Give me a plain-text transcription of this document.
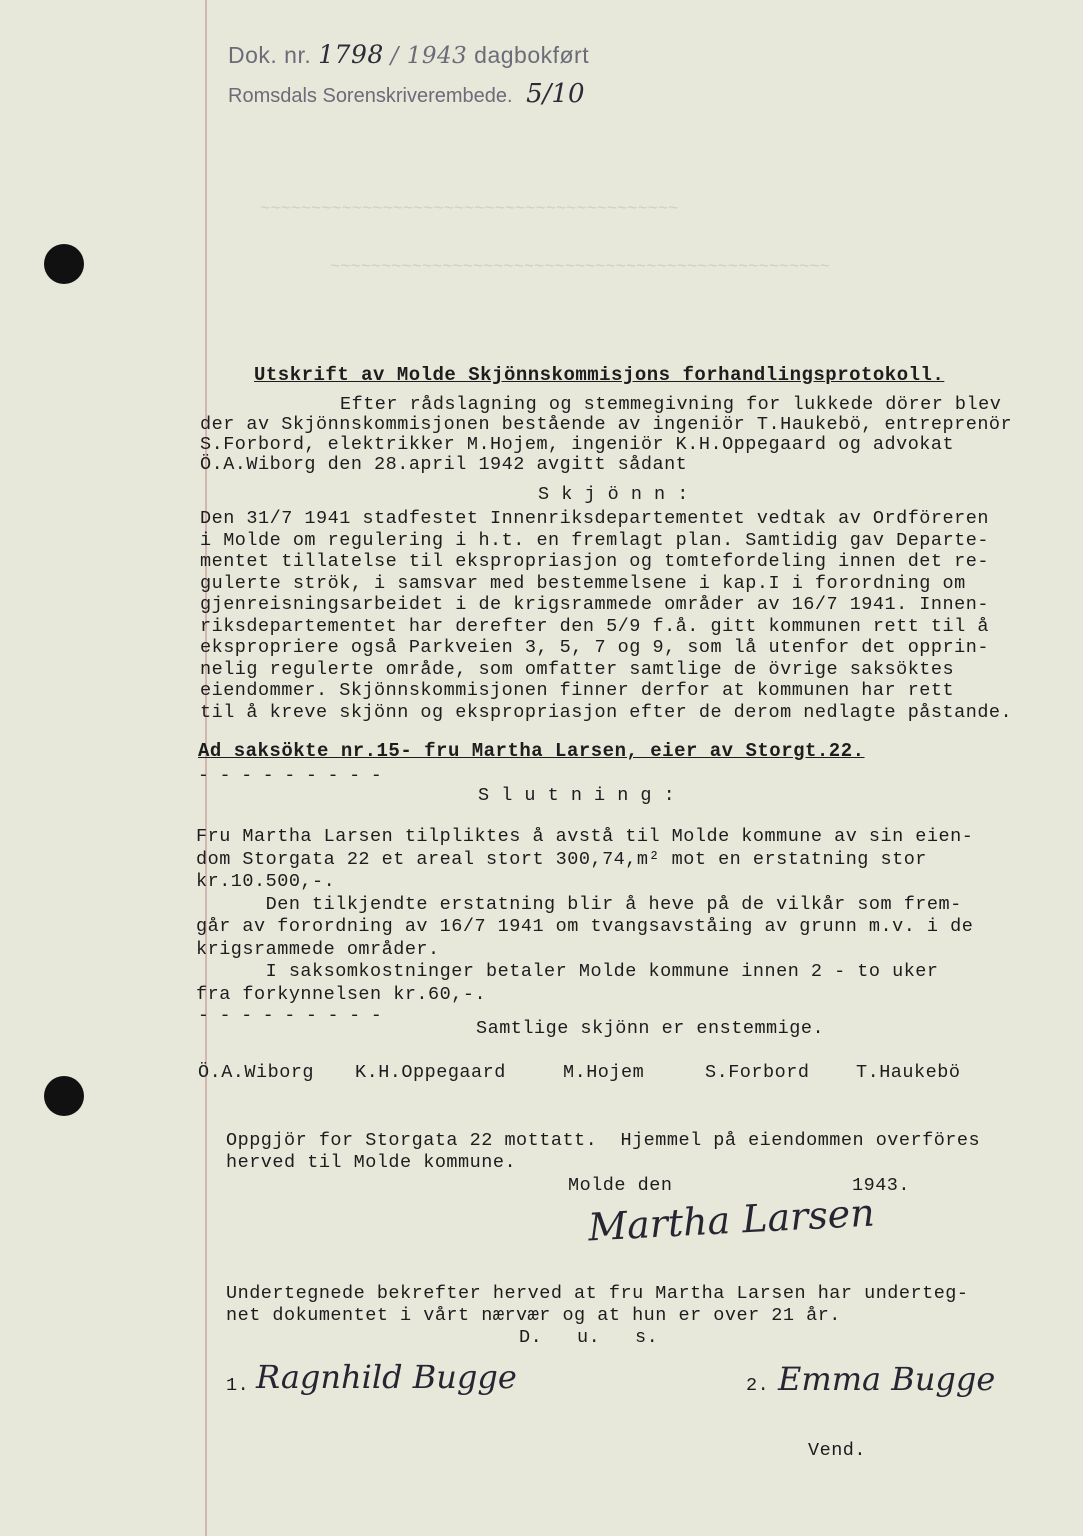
~~~~~~~~~~~~~~~~~~~~~~~~~~~~~~~~~~~~~~~~~
~~~~~~~~~~~~~~~~~~~~~~~~~~~~~~~~~~~~~~~~~~~~~~~~~
Dok. nr. 1798 / 1943 dagbokført
Romsdals Sorenskriverembede. 5/10
Utskrift av Molde Skjönnskommisjons forhandlingsprotokoll.
Efter rådslagning og stemmegivning for lukkede dörer blev
der av Skjönnskommisjonen bestående av ingeniör T.Haukebö, entreprenör
S.Forbord, elektrikker M.Hojem, ingeniör K.H.Oppegaard og advokat
Ö.A.Wiborg den 28.april 1942 avgitt sådant
S k j ö n n :
Den 31/7 1941 stadfestet Innenriksdepartementet vedtak av Ordföreren
i Molde om regulering i h.t. en fremlagt plan. Samtidig gav Departe-
mentet tillatelse til ekspropriasjon og tomtefordeling innen det re-
gulerte strök, i samsvar med bestemmelsene i kap.I i forordning om
gjenreisningsarbeidet i de krigsrammede områder av 16/7 1941. Innen-
riksdepartementet har derefter den 5/9 f.å. gitt kommunen rett til å
ekspropriere også Parkveien 3, 5, 7 og 9, som lå utenfor det opprin-
nelig regulerte område, som omfatter samtlige de övrige saksöktes
eiendommer. Skjönnskommisjonen finner derfor at kommunen har rett
til å kreve skjönn og ekspropriasjon efter de derom nedlagte påstande.
Ad saksökte nr.15- fru Martha Larsen, eier av Storgt.22.
- - - - - - - - -
S l u t n i n g :
Fru Martha Larsen tilpliktes å avstå til Molde kommune av sin eien-
dom Storgata 22 et areal stort 300,74,m² mot en erstatning stor
kr.10.500,-.
Den tilkjendte erstatning blir å heve på de vilkår som frem-
går av forordning av 16/7 1941 om tvangsavståing av grunn m.v. i de
krigsrammede områder.
I saksomkostninger betaler Molde kommune innen 2 - to uker
fra forkynnelsen kr.60,-.
- - - - - - - - -
Samtlige skjönn er enstemmige.
Ö.A.Wiborg K.H.Oppegaard	M.Hojem	S.Forbord	T.Haukebö
Oppgjör for Storgata 22 mottatt.  Hjemmel på eiendommen overföres
herved til Molde kommune.
Molde den	1943.
Martha Larsen
Undertegnede bekrefter herved at fru Martha Larsen har underteg-
net dokumentet i vårt nærvær og at hun er over 21 år.
D.   u.   s.
1. Ragnhild Bugge	2. Emma Bugge
Vend.
